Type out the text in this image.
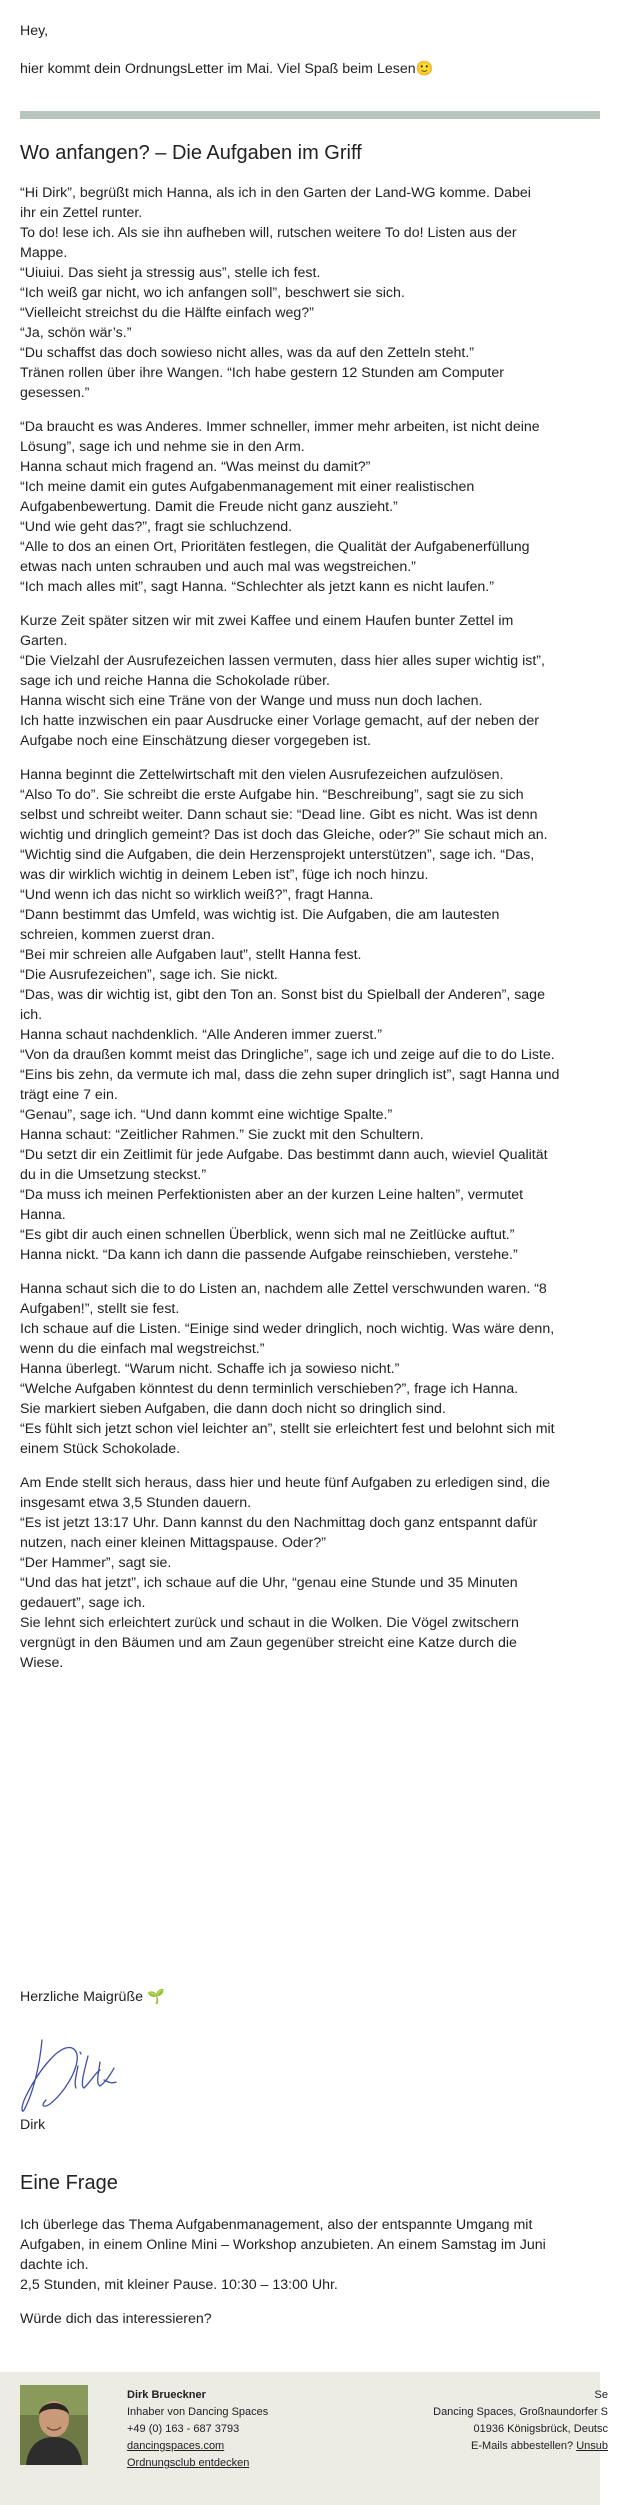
Hey,

hier kommt dein OrdnungsLetter im Mai. Viel Spaß beim Lesen🙂

Wo anfangen? – Die Aufgaben im Griff

“Hi Dirk”, begrüßt mich Hanna, als ich in den Garten der Land-WG komme. Dabei

ihr ein Zettel runter.

To do! lese ich. Als sie ihn aufheben will, rutschen weitere To do! Listen aus der

Mappe.

“Uiuiui. Das sieht ja stressig aus”, stelle ich fest.

“Ich weiß gar nicht, wo ich anfangen soll”, beschwert sie sich.

“Vielleicht streichst du die Hälfte einfach weg?”

“Ja, schön wär’s.”

“Du schaffst das doch sowieso nicht alles, was da auf den Zetteln steht.”

Tränen rollen über ihre Wangen. “Ich habe gestern 12 Stunden am Computer

gesessen.”

“Da braucht es was Anderes. Immer schneller, immer mehr arbeiten, ist nicht deine

Lösung”, sage ich und nehme sie in den Arm.

Hanna schaut mich fragend an. “Was meinst du damit?”

“Ich meine damit ein gutes Aufgabenmanagement mit einer realistischen

Aufgabenbewertung. Damit die Freude nicht ganz auszieht.”

“Und wie geht das?”, fragt sie schluchzend.

“Alle to dos an einen Ort, Prioritäten festlegen, die Qualität der Aufgabenerfüllung

etwas nach unten schrauben und auch mal was wegstreichen.”

“Ich mach alles mit”, sagt Hanna. “Schlechter als jetzt kann es nicht laufen.”

Kurze Zeit später sitzen wir mit zwei Kaffee und einem Haufen bunter Zettel im

Garten.

“Die Vielzahl der Ausrufezeichen lassen vermuten, dass hier alles super wichtig ist”,

sage ich und reiche Hanna die Schokolade rüber.

Hanna wischt sich eine Träne von der Wange und muss nun doch lachen.

Ich hatte inzwischen ein paar Ausdrucke einer Vorlage gemacht, auf der neben der

Aufgabe noch eine Einschätzung dieser vorgegeben ist.

Hanna beginnt die Zettelwirtschaft mit den vielen Ausrufezeichen aufzulösen.

“Also To do”. Sie schreibt die erste Aufgabe hin. “Beschreibung”, sagt sie zu sich

selbst und schreibt weiter. Dann schaut sie: “Dead line. Gibt es nicht. Was ist denn

wichtig und dringlich gemeint? Das ist doch das Gleiche, oder?” Sie schaut mich an.

“Wichtig sind die Aufgaben, die dein Herzensprojekt unterstützen”, sage ich. “Das,

was dir wirklich wichtig in deinem Leben ist”, füge ich noch hinzu.

“Und wenn ich das nicht so wirklich weiß?”, fragt Hanna.

“Dann bestimmt das Umfeld, was wichtig ist. Die Aufgaben, die am lautesten

schreien, kommen zuerst dran.

“Bei mir schreien alle Aufgaben laut”, stellt Hanna fest.

“Die Ausrufezeichen”, sage ich. Sie nickt.

“Das, was dir wichtig ist, gibt den Ton an. Sonst bist du Spielball der Anderen”, sage

ich.

Hanna schaut nachdenklich. “Alle Anderen immer zuerst.”

“Von da draußen kommt meist das Dringliche”, sage ich und zeige auf die to do Liste.

“Eins bis zehn, da vermute ich mal, dass die zehn super dringlich ist”, sagt Hanna und

trägt eine 7 ein.

“Genau”, sage ich. “Und dann kommt eine wichtige Spalte.”

Hanna schaut: “Zeitlicher Rahmen.” Sie zuckt mit den Schultern.

“Du setzt dir ein Zeitlimit für jede Aufgabe. Das bestimmt dann auch, wieviel Qualität

du in die Umsetzung steckst.”

“Da muss ich meinen Perfektionisten aber an der kurzen Leine halten”, vermutet

Hanna.

“Es gibt dir auch einen schnellen Überblick, wenn sich mal ne Zeitlücke auftut.”

Hanna nickt. “Da kann ich dann die passende Aufgabe reinschieben, verstehe.”

Hanna schaut sich die to do Listen an, nachdem alle Zettel verschwunden waren. “8

Aufgaben!”, stellt sie fest.

Ich schaue auf die Listen. “Einige sind weder dringlich, noch wichtig. Was wäre denn,

wenn du die einfach mal wegstreichst.”

Hanna überlegt. “Warum nicht. Schaffe ich ja sowieso nicht.”

“Welche Aufgaben könntest du denn terminlich verschieben?”, frage ich Hanna.

Sie markiert sieben Aufgaben, die dann doch nicht so dringlich sind.

“Es fühlt sich jetzt schon viel leichter an”, stellt sie erleichtert fest und belohnt sich mit

einem Stück Schokolade.

Am Ende stellt sich heraus, dass hier und heute fünf Aufgaben zu erledigen sind, die

insgesamt etwa 3,5 Stunden dauern.

“Es ist jetzt 13:17 Uhr. Dann kannst du den Nachmittag doch ganz entspannt dafür

nutzen, nach einer kleinen Mittagspause. Oder?”

“Der Hammer”, sagt sie.

“Und das hat jetzt”, ich schaue auf die Uhr, “genau eine Stunde und 35 Minuten

gedauert”, sage ich.

Sie lehnt sich erleichtert zurück und schaut in die Wolken. Die Vögel zwitschern

vergnügt in den Bäumen und am Zaun gegenüber streicht eine Katze durch die

Wiese.

Herzliche Maigrüße 🌱

Dirk

Eine Frage

Ich überlege das Thema Aufgabenmanagement, also der entspannte Umgang mit

Aufgaben, in einem Online Mini – Workshop anzubieten. An einem Samstag im Juni

dachte ich.

2,5 Stunden, mit kleiner Pause. 10:30 – 13:00 Uhr.

Würde dich das interessieren?

Dirk Brueckner
Inhaber von Dancing Spaces
+49 (0) 163 - 687 3793
dancingspaces.com
Ordnungsclub entdecken
Se
Dancing Spaces, Großnaundorfer S
01936 Königsbrück, Deutsc
E-Mails abbestellen? Unsub
